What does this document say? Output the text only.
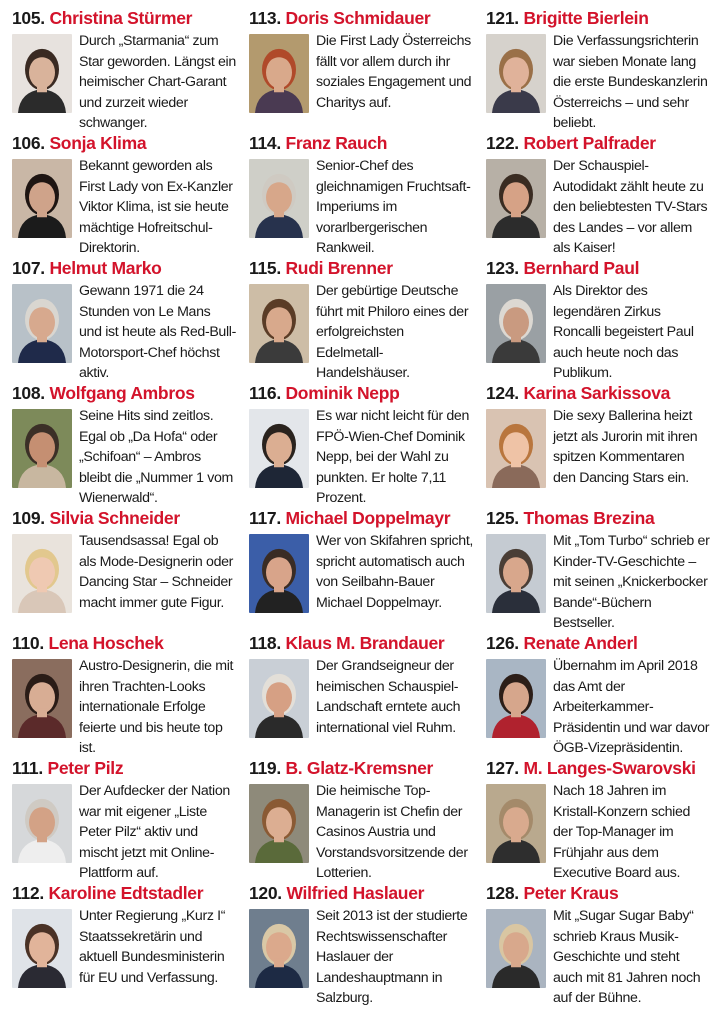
105. Christina Stürmer
Durch „Starmania“ zum Star geworden. Längst ein heimischer Chart-Garant und zurzeit wieder schwanger.
106. Sonja Klima
Bekannt geworden als First Lady von Ex-Kanzler Viktor Klima, ist sie heute mächtige Hofreitschul-Direktorin.
107. Helmut Marko
Gewann 1971 die 24 Stunden von Le Mans und ist heute als Red-Bull-Motorsport-Chef höchst aktiv.
108. Wolfgang Ambros
Seine Hits sind zeitlos. Egal ob „Da Hofa“ oder „Schifoan“ – Ambros bleibt die „Nummer 1 vom Wienerwald“.
109. Silvia Schneider
Tausendsassa! Egal ob als Mode-Designerin oder Dancing Star – Schneider macht immer gute Figur.
110. Lena Hoschek
Austro-Designerin, die mit ihren Trachten-Looks internationale Erfolge feierte und bis heute top ist.
111. Peter Pilz
Der Aufdecker der Nation war mit eigener „Liste Peter Pilz“ aktiv und mischt jetzt mit Online-Plattform auf.
112. Karoline Edtstadler
Unter Regierung „Kurz I“ Staatssekretärin und aktuell Bundesministerin für EU und Verfassung.
113. Doris Schmidauer
Die First Lady Österreichs fällt vor allem durch ihr soziales Engagement und Charitys auf.
114. Franz Rauch
Senior-Chef des gleichnamigen Fruchtsaft-Imperiums im vorarlbergerischen Rankweil.
115. Rudi Brenner
Der gebürtige Deutsche führt mit Philoro eines der erfolgreichsten Edelmetall-Handelshäuser.
116. Dominik Nepp
Es war nicht leicht für den FPÖ-Wien-Chef Dominik Nepp, bei der Wahl zu punkten. Er holte 7,11 Prozent.
117. Michael Doppelmayr
Wer von Skifahren spricht, spricht automatisch auch von Seilbahn-Bauer Michael Doppelmayr.
118. Klaus M. Brandauer
Der Grandseigneur der heimischen Schauspiel-Landschaft erntete auch international viel Ruhm.
119. B. Glatz-Kremsner
Die heimische Top-Managerin ist Chefin der Casinos Austria und Vorstandsvorsitzende der Lotterien.
120. Wilfried Haslauer
Seit 2013 ist der studierte Rechtswissenschafter Haslauer der Landeshauptmann in Salzburg.
121. Brigitte Bierlein
Die Verfassungsrichterin war sieben Monate lang die erste Bundeskanzlerin Österreichs – und sehr beliebt.
122. Robert Palfrader
Der Schauspiel-Autodidakt zählt heute zu den beliebtesten TV-Stars des Landes – vor allem als Kaiser!
123. Bernhard Paul
Als Direktor des legendären Zirkus Roncalli begeistert Paul auch heute noch das Publikum.
124. Karina Sarkissova
Die sexy Ballerina heizt jetzt als Jurorin mit ihren spitzen Kommentaren den Dancing Stars ein.
125. Thomas Brezina
Mit „Tom Turbo“ schrieb er Kinder-TV-Geschichte – mit seinen „Knickerbocker Bande“-Büchern Bestseller.
126. Renate Anderl
Übernahm im April 2018 das Amt der Arbeiterkammer-Präsidentin und war davor ÖGB-Vizepräsidentin.
127. M. Langes-Swarovski
Nach 18 Jahren im Kristall-Konzern schied der Top-Manager im Frühjahr aus dem Executive Board aus.
128. Peter Kraus
Mit „Sugar Sugar Baby“ schrieb Kraus Musik-Geschichte und steht auch mit 81 Jahren noch auf der Bühne.
